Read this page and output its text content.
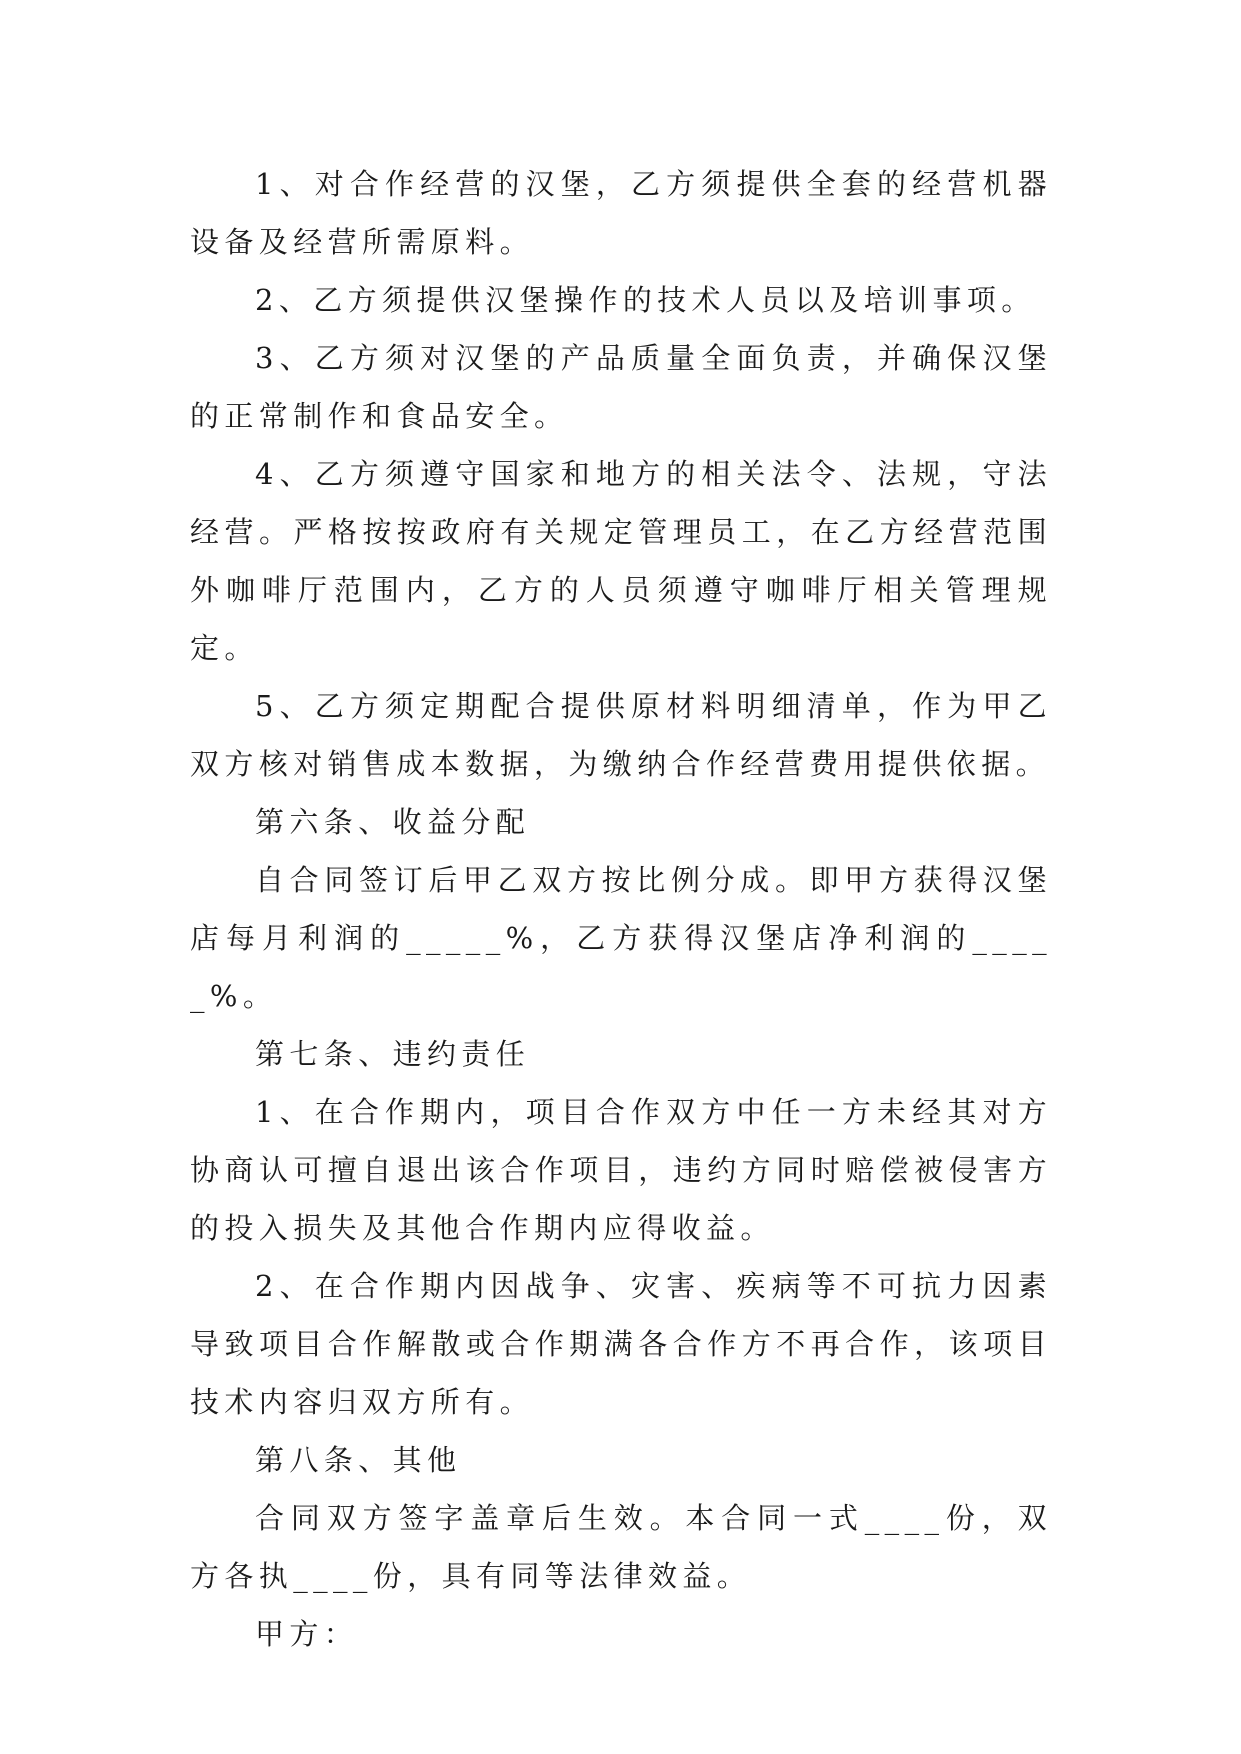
1、对合作经营的汉堡，乙方须提供全套的经营机器设备及经营所需原料。

2、乙方须提供汉堡操作的技术人员以及培训事项。

3、乙方须对汉堡的产品质量全面负责，并确保汉堡的正常制作和食品安全。

4、乙方须遵守国家和地方的相关法令、法规，守法经营。严格按按政府有关规定管理员工，在乙方经营范围外咖啡厅范围内，乙方的人员须遵守咖啡厅相关管理规定。

5、乙方须定期配合提供原材料明细清单，作为甲乙双方核对销售成本数据，为缴纳合作经营费用提供依据。

第六条、收益分配

自合同签订后甲乙双方按比例分成。即甲方获得汉堡店每月利润的_____%，乙方获得汉堡店净利润的_____%。

第七条、违约责任

1、在合作期内，项目合作双方中任一方未经其对方协商认可擅自退出该合作项目，违约方同时赔偿被侵害方的投入损失及其他合作期内应得收益。

2、在合作期内因战争、灾害、疾病等不可抗力因素导致项目合作解散或合作期满各合作方不再合作，该项目技术内容归双方所有。

第八条、其他

合同双方签字盖章后生效。本合同一式____份，双方各执____份，具有同等法律效益。

甲方：
